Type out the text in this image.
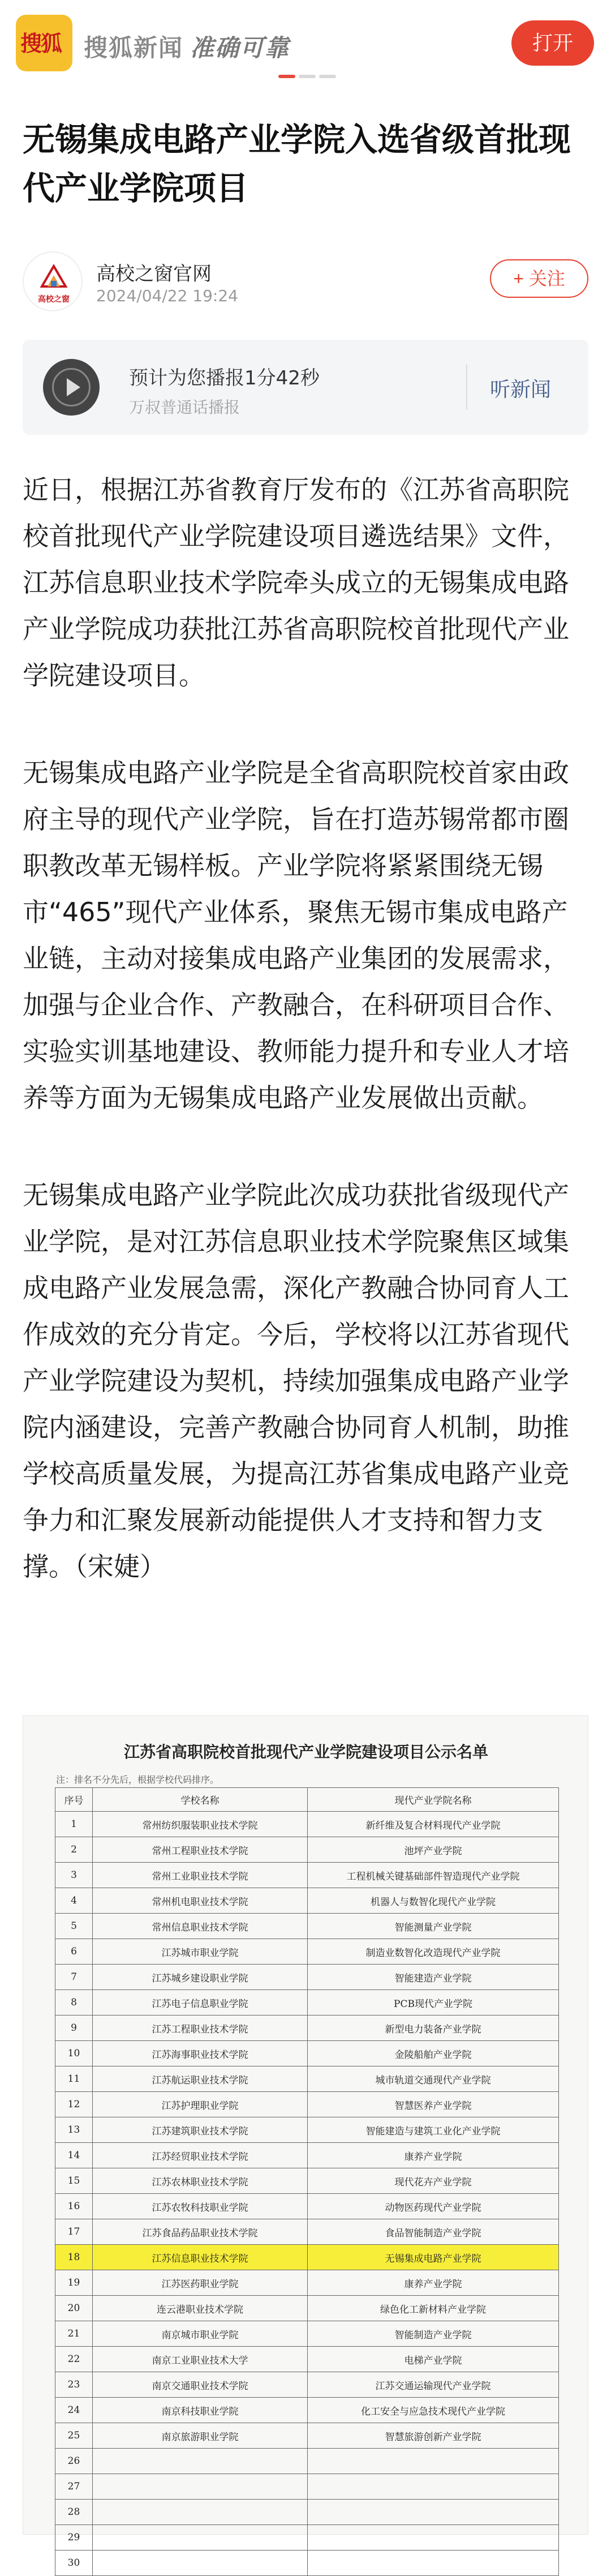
搜狐 搜狐新闻 准确可靠	打开
无锡集成电路产业学院入选省级首批现代产业学院项目
高校之窗
高校之窗官网
2024/04/22 19:24
+ 关注
预计为您播报1分42秒
万叔普通话播报
听新闻

近日，根据江苏省教育厅发布的《江苏省高职院校首批现代产业学院建设项目遴选结果》文件，江苏信息职业技术学院牵头成立的无锡集成电路产业学院成功获批江苏省高职院校首批现代产业学院建设项目。

无锡集成电路产业学院是全省高职院校首家由政府主导的现代产业学院，旨在打造苏锡常都市圈职教改革无锡样板。产业学院将紧紧围绕无锡市“465”现代产业体系，聚焦无锡市集成电路产业链，主动对接集成电路产业集团的发展需求，加强与企业合作、产教融合，在科研项目合作、实验实训基地建设、教师能力提升和专业人才培养等方面为无锡集成电路产业发展做出贡献。

无锡集成电路产业学院此次成功获批省级现代产业学院，是对江苏信息职业技术学院聚焦区域集成电路产业发展急需，深化产教融合协同育人工作成效的充分肯定。今后，学校将以江苏省现代产业学院建设为契机，持续加强集成电路产业学院内涵建设，完善产教融合协同育人机制，助推学校高质量发展，为提高江苏省集成电路产业竞争力和汇聚发展新动能提供人才支持和智力支撑。（宋婕）

江苏省高职院校首批现代产业学院建设项目公示名单
注：排名不分先后，根据学校代码排序。
序号	学校名称	现代产业学院名称
1	常州纺织服装职业技术学院	新纤维及复合材料现代产业学院
2	常州工程职业技术学院	池坪产业学院
3	常州工业职业技术学院	工程机械关键基础部件智造现代产业学院
4	常州机电职业技术学院	机器人与数智化现代产业学院
5	常州信息职业技术学院	智能测量产业学院
6	江苏城市职业学院	制造业数智化改造现代产业学院
7	江苏城乡建设职业学院	智能建造产业学院
8	江苏电子信息职业学院	PCB现代产业学院
9	江苏工程职业技术学院	新型电力装备产业学院
10	江苏海事职业技术学院	金陵船舶产业学院
11	江苏航运职业技术学院	城市轨道交通现代产业学院
12	江苏护理职业学院	智慧医养产业学院
13	江苏建筑职业技术学院	智能建造与建筑工业化产业学院
14	江苏经贸职业技术学院	康养产业学院
15	江苏农林职业技术学院	现代花卉产业学院
16	江苏农牧科技职业学院	动物医药现代产业学院
17	江苏食品药品职业技术学院	食品智能制造产业学院
18	江苏信息职业技术学院	无锡集成电路产业学院
19	江苏医药职业学院	康养产业学院
20	连云港职业技术学院	绿色化工新材料产业学院
21	南京城市职业学院	智能制造产业学院
22	南京工业职业技术大学	电梯产业学院
23	南京交通职业技术学院	江苏交通运输现代产业学院
24	南京科技职业学院	化工安全与应急技术现代产业学院
25	南京旅游职业学院	智慧旅游创新产业学院
26		
27		
28		
29		
30		
